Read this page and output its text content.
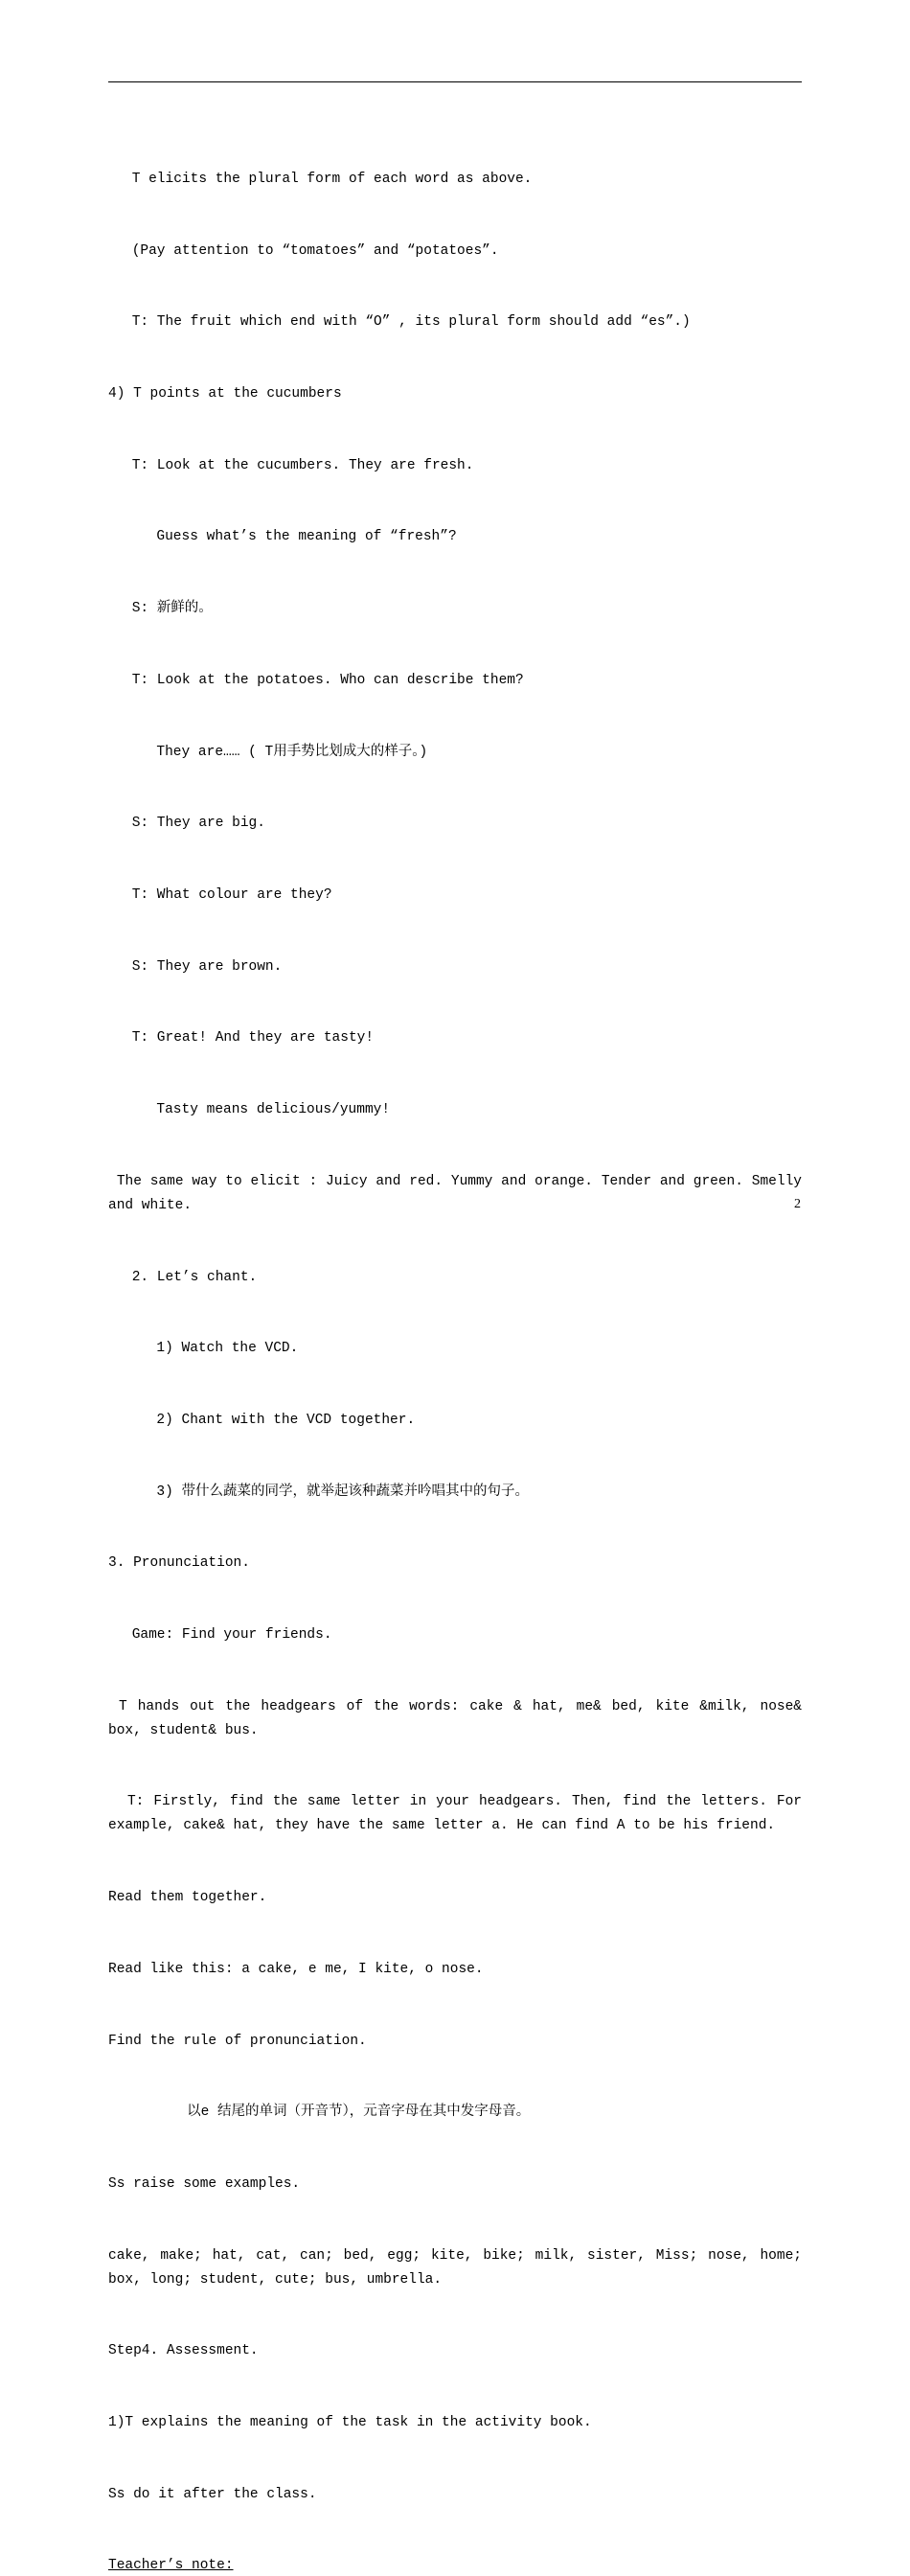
T elicits the plural form of each word as above.

(Pay attention to “tomatoes” and “potatoes”.

T: The fruit which end with “O” , its plural form should add “es”.)

4) T points at the cucumbers

T: Look at the cucumbers. They are fresh.

Guess what’s the meaning of “fresh”?

S: 新鲜的。

T: Look at the potatoes. Who can describe them?

They are…… ( T用手势比划成大的样子。)

S: They are big.

T: What colour are they?

S: They are brown.

T: Great! And they are tasty!

Tasty means delicious/yummy!

The same way to elicit : Juicy and red. Yummy and orange. Tender and green. Smelly and white.

2. Let’s chant.

1) Watch the VCD.

2) Chant with the VCD together.

3) 带什么蔬菜的同学，就举起该种蔬菜并吟唱其中的句子。

3. Pronunciation.

Game: Find your friends.

T hands out the headgears of the words: cake & hat, me& bed, kite &milk, nose& box, student& bus.

T: Firstly, find the same letter in your headgears. Then, find the letters. For example, cake& hat, they have the same letter a. He can find A to be his friend.

Read them together.

Read like this: a cake, e me, I kite, o nose.

Find the rule of pronunciation.

以e 结尾的单词（开音节），元音字母在其中发字母音。

Ss raise some examples.

cake, make; hat, cat, can; bed, egg; kite, bike; milk, sister, Miss; nose, home; box, long; student, cute; bus, umbrella.

Step4. Assessment.

1)T explains the meaning of the task in the activity book.

Ss do it after the class.

Teacher’s note:

2
